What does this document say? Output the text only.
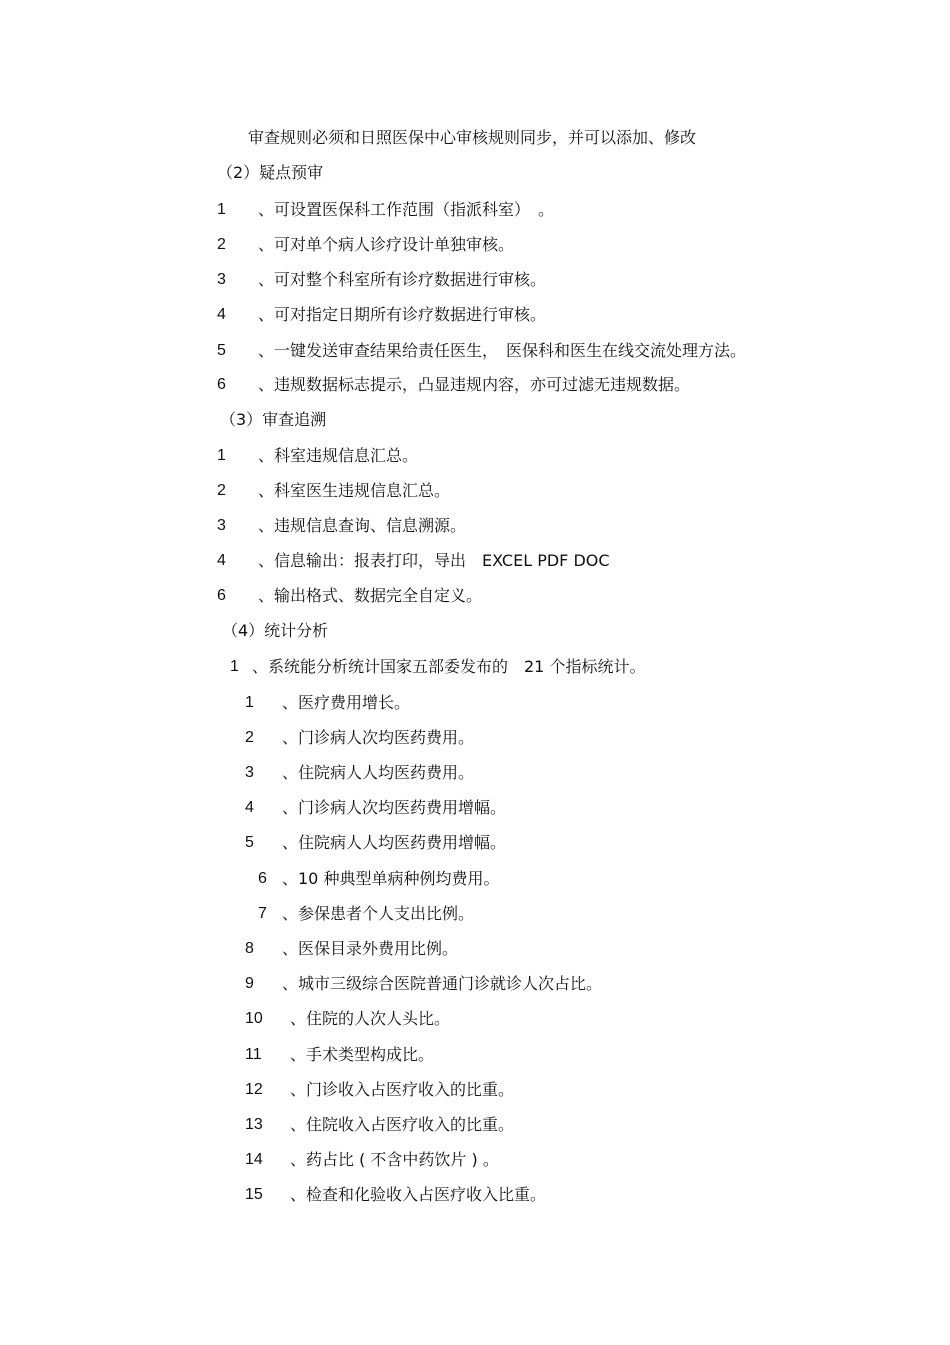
审查规则必须和日照医保中心审核规则同步，并可以添加、修改
（2）疑点预审
1 、可设置医保科工作范围（指派科室）　。
2 、可对单个病人诊疗设计单独审核。
3 、可对整个科室所有诊疗数据进行审核。
4 、可对指定日期所有诊疗数据进行审核。
5 、一键发送审查结果给责任医生，　医保科和医生在线交流处理方法。
6 、违规数据标志提示，凸显违规内容，亦可过滤无违规数据。
（3）审查追溯
1 、科室违规信息汇总。
2 、科室医生违规信息汇总。
3 、违规信息查询、信息溯源。
4 、信息输出：报表打印，导出　EXCEL PDF DOC
6 、输出格式、数据完全自定义。
（4）统计分析
1 、系统能分析统计国家五部委发布的　21 个指标统计。
1 、医疗费用增长。
2 、门诊病人次均医药费用。
3 、住院病人人均医药费用。
4 、门诊病人次均医药费用增幅。
5 、住院病人人均医药费用增幅。
6 、10 种典型单病种例均费用。
7 、参保患者个人支出比例。
8 、医保目录外费用比例。
9 、城市三级综合医院普通门诊就诊人次占比。
10 、住院的人次人头比。
11 、手术类型构成比。
12 、门诊收入占医疗收入的比重。
13 、住院收入占医疗收入的比重。
14 、药占比 ( 不含中药饮片 ) 。
15 、检查和化验收入占医疗收入比重。
